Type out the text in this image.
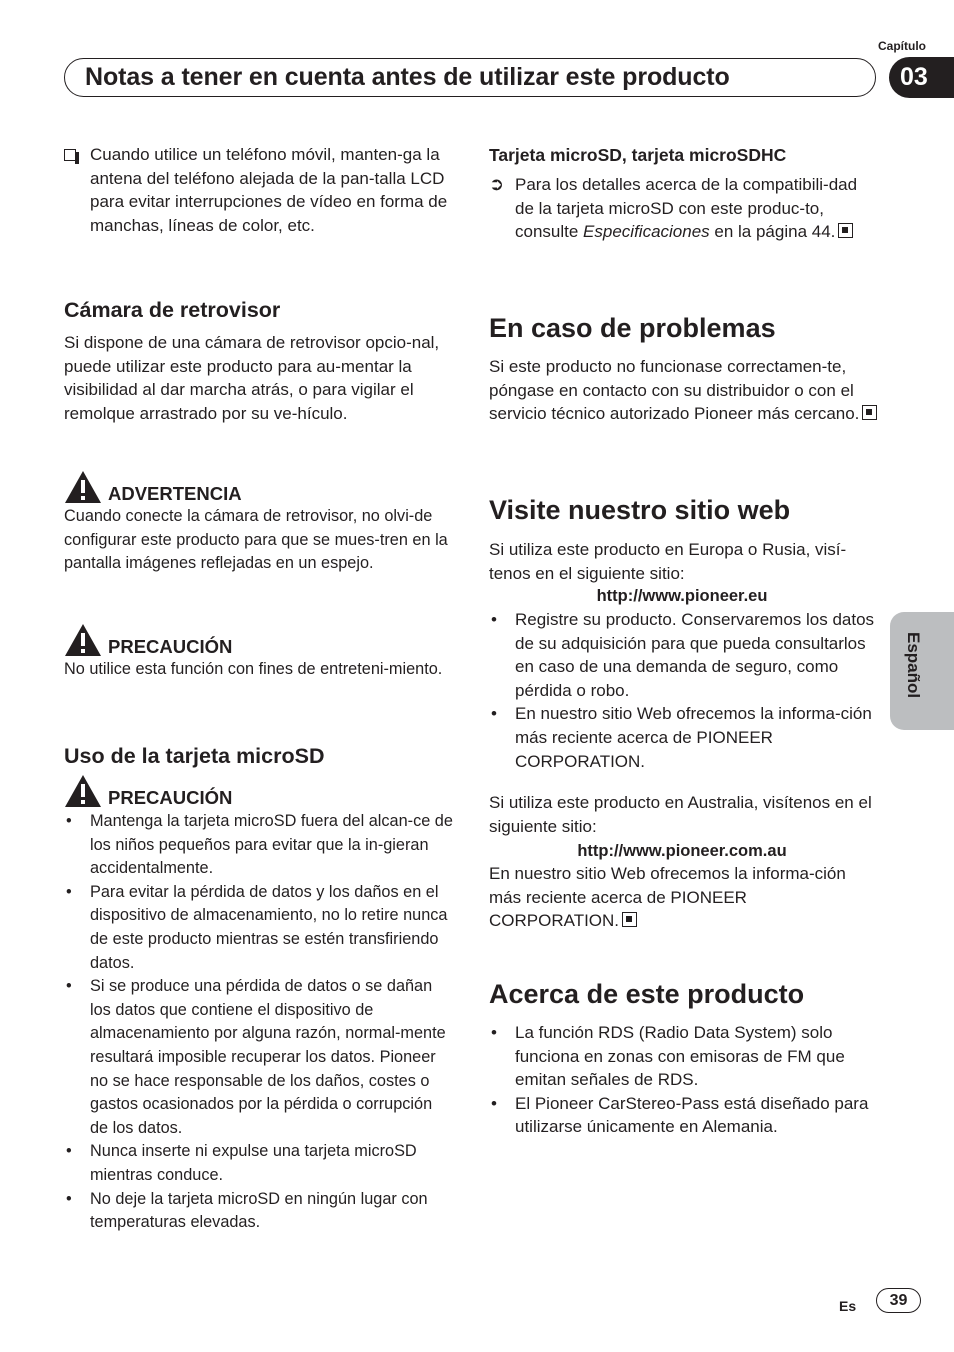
Capítulo
Notas a tener en cuenta antes de utilizar este producto	03
Cuando utilice un teléfono móvil, manten-ga la antena del teléfono alejada de la pan-talla LCD para evitar interrupciones de vídeo en forma de manchas, líneas de color, etc.
Cámara de retrovisor
Si dispone de una cámara de retrovisor opcio-nal, puede utilizar este producto para au-mentar la visibilidad al dar marcha atrás, o para vigilar el remolque arrastrado por su ve-hículo.
ADVERTENCIA
Cuando conecte la cámara de retrovisor, no olvi-de configurar este producto para que se mues-tren en la pantalla imágenes reflejadas en un espejo.
PRECAUCIÓN
No utilice esta función con fines de entreteni-miento.
Uso de la tarjeta microSD
PRECAUCIÓN
• Mantenga la tarjeta microSD fuera del alcan-ce de los niños pequeños para evitar que la in-gieran accidentalmente.
• Para evitar la pérdida de datos y los daños en el dispositivo de almacenamiento, no lo retire nunca de este producto mientras se estén transfiriendo datos.
• Si se produce una pérdida de datos o se dañan los datos que contiene el dispositivo de almacenamiento por alguna razón, normal-mente resultará imposible recuperar los datos. Pioneer no se hace responsable de los daños, costes o gastos ocasionados por la pérdida o corrupción de los datos.
• Nunca inserte ni expulse una tarjeta microSD mientras conduce.
• No deje la tarjeta microSD en ningún lugar con temperaturas elevadas.
Tarjeta microSD, tarjeta microSDHC
➲ Para los detalles acerca de la compatibili-dad de la tarjeta microSD con este produc-to, consulte Especificaciones en la página 44.
En caso de problemas
Si este producto no funcionase correctamen-te, póngase en contacto con su distribuidor o con el servicio técnico autorizado Pioneer más cercano.
Visite nuestro sitio web
Si utiliza este producto en Europa o Rusia, visí-tenos en el siguiente sitio:
http://www.pioneer.eu
• Registre su producto. Conservaremos los datos de su adquisición para que pueda consultarlos en caso de una demanda de seguro, como pérdida o robo.
• En nuestro sitio Web ofrecemos la informa-ción más reciente acerca de PIONEER CORPORATION.
Si utiliza este producto en Australia, visítenos en el siguiente sitio:
http://www.pioneer.com.au
En nuestro sitio Web ofrecemos la informa-ción más reciente acerca de PIONEER CORPORATION.
Acerca de este producto
• La función RDS (Radio Data System) solo funciona en zonas con emisoras de FM que emitan señales de RDS.
• El Pioneer CarStereo-Pass está diseñado para utilizarse únicamente en Alemania.
Español
Es	39
